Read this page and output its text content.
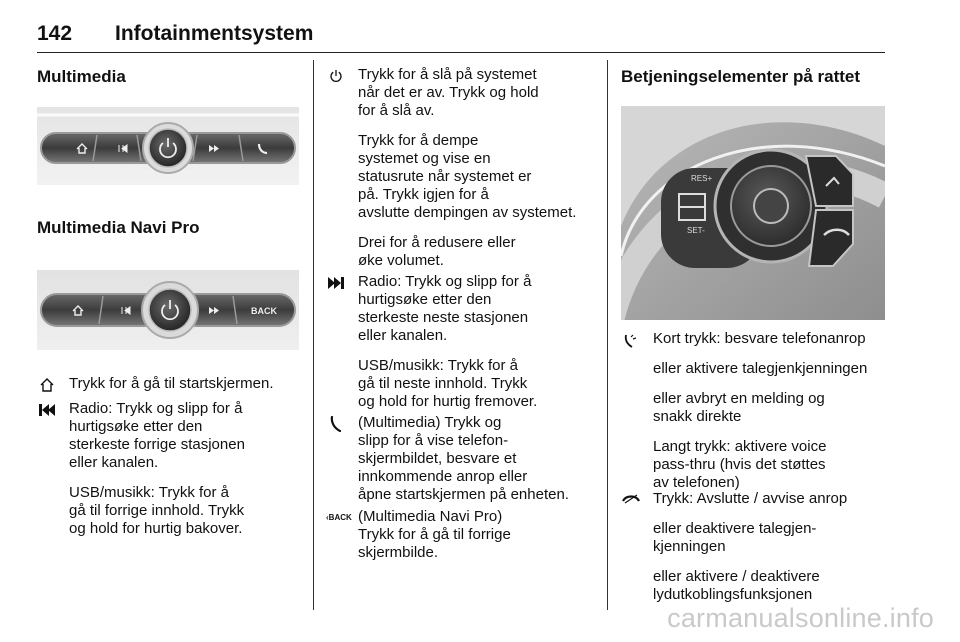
142 Infotainmentsystem
Multimedia
Multimedia Navi Pro
BACK
Trykk for å gå til startskjermen.

Radio: Trykk og slipp for å

hurtigsøke etter den

sterkeste forrige stasjonen

eller kanalen.

USB/musikk: Trykk for å

gå til forrige innhold. Trykk

og hold for hurtig bakover.

Trykk for å slå på systemet

når det er av. Trykk og hold

for å slå av.

Trykk for å dempe

systemet og vise en

statusrute når systemet er

på. Trykk igjen for å

avslutte dempingen av systemet.

Drei for å redusere eller

øke volumet.

Radio: Trykk og slipp for å

hurtigsøke etter den

sterkeste neste stasjonen

eller kanalen.

USB/musikk: Trykk for å

gå til neste innhold. Trykk

og hold for hurtig fremover.

(Multimedia) Trykk og

slipp for å vise telefon-

skjermbildet, besvare et

innkommende anrop eller

åpne startskjermen på enheten.

‹BACK (Multimedia Navi Pro)

Trykk for å gå til forrige

skjermbilde.

Betjeningselementer på rattet
RES+
SET-

Kort trykk: besvare telefonanrop

eller aktivere talegjenkjenningen

eller avbryt en melding og

snakk direkte

Langt trykk: aktivere voice

pass-thru (hvis det støttes

av telefonen)

Trykk: Avslutte / avvise anrop

eller deaktivere talegjen-

kjenningen

eller aktivere / deaktivere

lydutkoblingsfunksjonen

carmanualsonline.info
